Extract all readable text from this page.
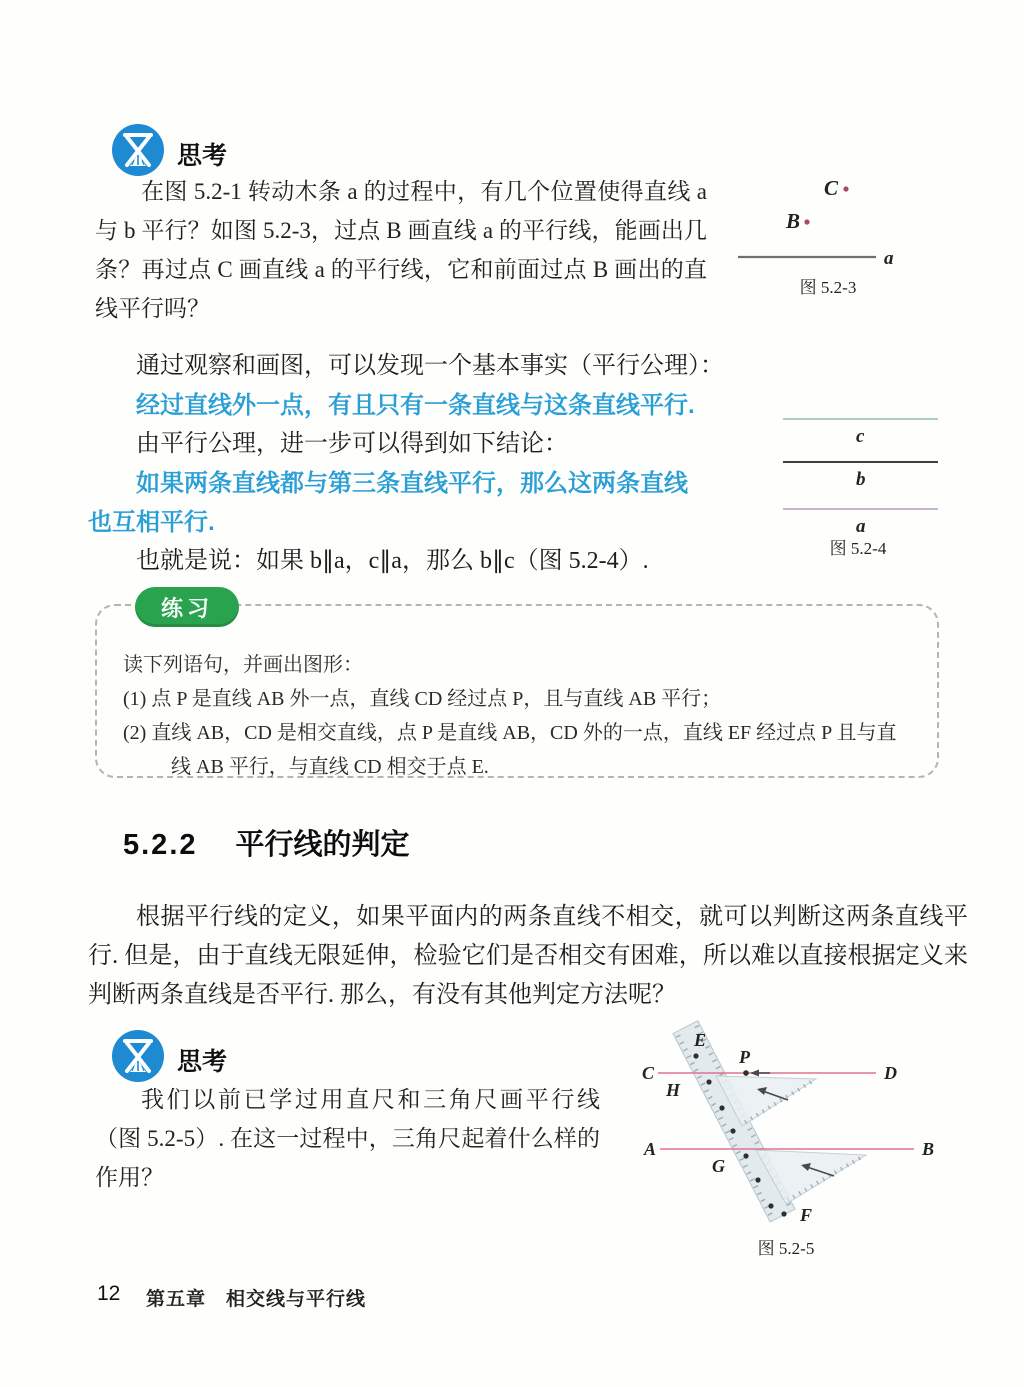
思考
在图 5.2-1 转动木条 a 的过程中，有几个位置使得直线 a 与 b 平行？如图 5.2-3，过点 B 画直线 a 的平行线，能画出几条？再过点 C 画直线 a 的平行线，它和前面过点 B 画出的直线平行吗？
C
B
a
图 5.2-3

通过观察和画图，可以发现一个基本事实（平行公理）：

经过直线外一点，有且只有一条直线与这条直线平行.

由平行公理，进一步可以得到如下结论：

如果两条直线都与第三条直线平行，那么这两条直线

也互相平行.

也就是说：如果 b∥a，c∥a，那么 b∥c（图 5.2-4）.

c
b
a
图 5.2-4
练习

读下列语句，并画出图形：

(1) 点 P 是直线 AB 外一点，直线 CD 经过点 P，且与直线 AB 平行；

(2) 直线 AB，CD 是相交直线，点 P 是直线 AB，CD 外的一点，直线 EF 经过点 P 且与直线 AB 平行，与直线 CD 相交于点 E.

5.2.2 平行线的判定
根据平行线的定义，如果平面内的两条直线不相交，就可以判断这两条直线平行. 但是，由于直线无限延伸，检验它们是否相交有困难，所以难以直接根据定义来判断两条直线是否平行. 那么，有没有其他判定方法呢？
思考
我们以前已学过用直尺和三角尺画平行线（图 5.2-5）. 在这一过程中，三角尺起着什么样的作用？
E
C
H
P
D
A
G
B
F
图 5.2-5
12 第五章　相交线与平行线
